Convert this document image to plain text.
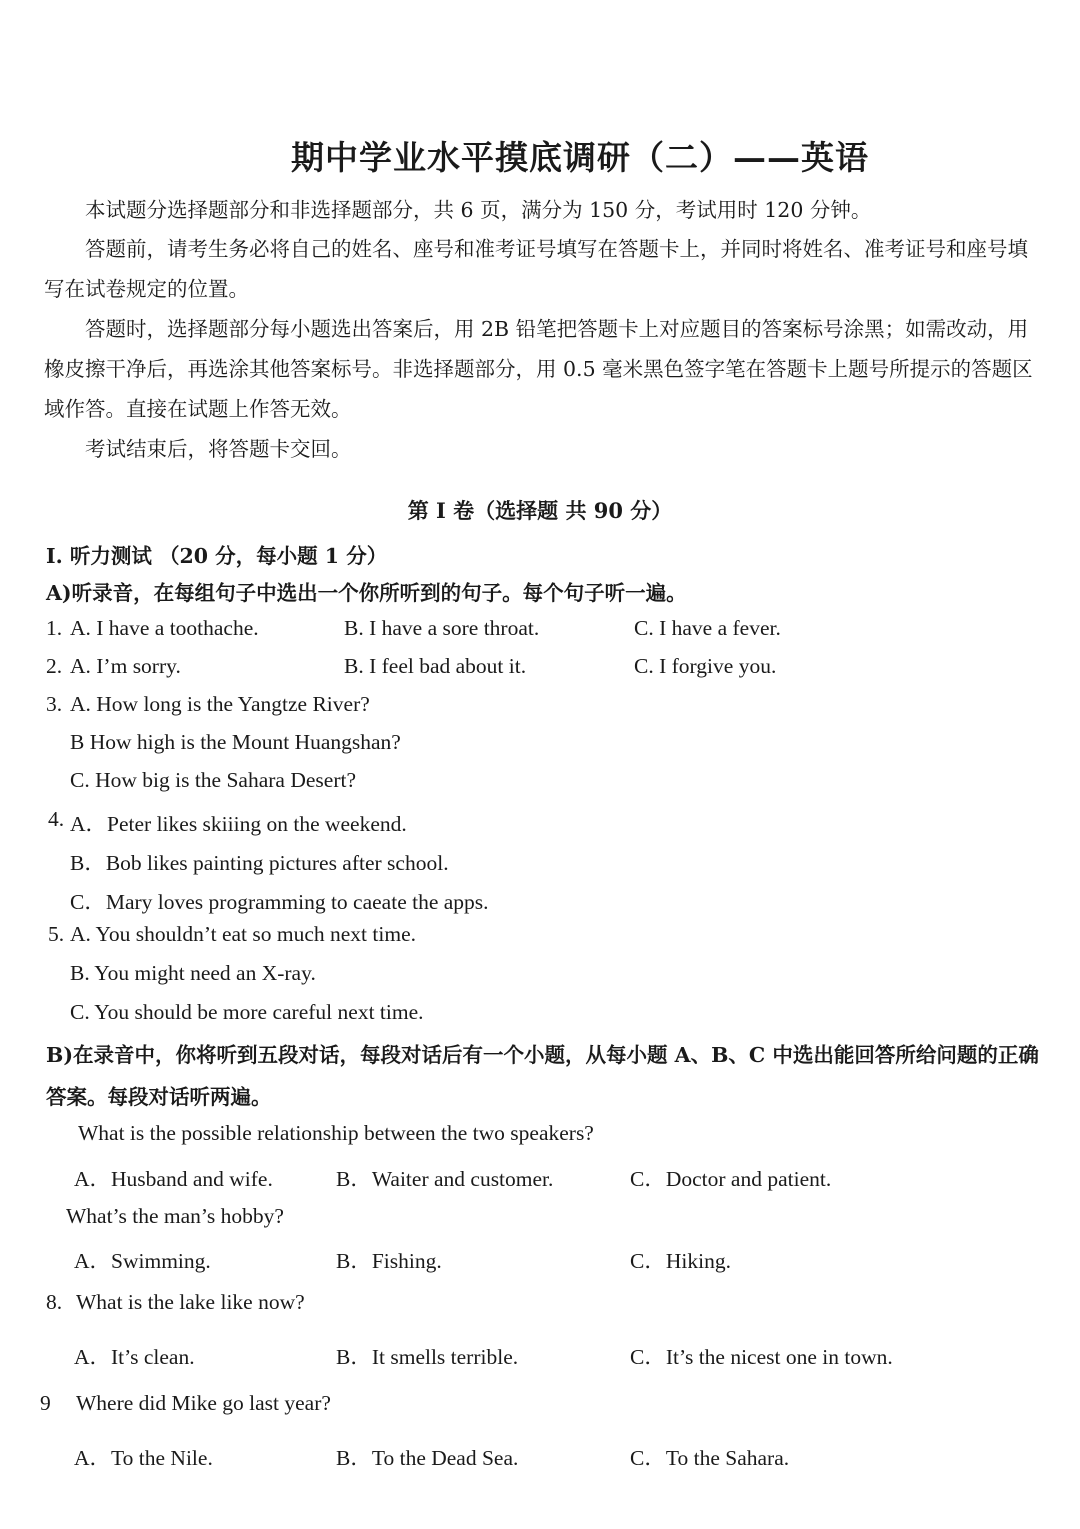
期中学业水平摸底调研（二）——英语
本试题分选择题部分和非选择题部分，共 6 页，满分为 150 分，考试用时 120 分钟。
答题前，请考生务必将自己的姓名、座号和准考证号填写在答题卡上，并同时将姓名、准考证号和座号填写在试卷规定的位置。
答题时，选择题部分每小题选出答案后，用 2B 铅笔把答题卡上对应题目的答案标号涂黑；如需改动，用橡皮擦干净后，再选涂其他答案标号。非选择题部分，用 0.5 毫米黑色签字笔在答题卡上题号所提示的答题区域作答。直接在试题上作答无效。
考试结束后，将答题卡交回。
第 I 卷（选择题 共 90 分）
I. 听力测试 （20 分，每小题 1 分）
A)听录音，在每组句子中选出一个你所听到的句子。每个句子听一遍。
1. A. I have a toothache.	B. I have a sore throat.	C. I have a fever.
2. A. I’m sorry.	B. I feel bad about it.	C. I forgive you.
3. A. How long is the Yangtze River?
B How high is the Mount Huangshan?
C. How big is the Sahara Desert?
4. A．Peter likes skiiing on the weekend.
B．Bob likes painting pictures after school.
C．Mary loves programming to caeate the apps.
5. A. You shouldn’t eat so much next time.
B. You might need an X-ray.
C. You should be more careful next time.
B)在录音中，你将听到五段对话，每段对话后有一个小题，从每小题 A、B、C 中选出能回答所给问题的正确答案。每段对话听两遍。
What is the possible relationship between the two speakers?
A．Husband and wife.	B．Waiter and customer.	C．Doctor and patient.
What’s the man’s hobby?
A．Swimming.	B．Fishing.	C．Hiking.
8. What is the lake like now?
A．It’s clean.	B．It smells terrible.	C．It’s the nicest one in town.
9 Where did Mike go last year?
A．To the Nile.	B．To the Dead Sea.	C．To the Sahara.
